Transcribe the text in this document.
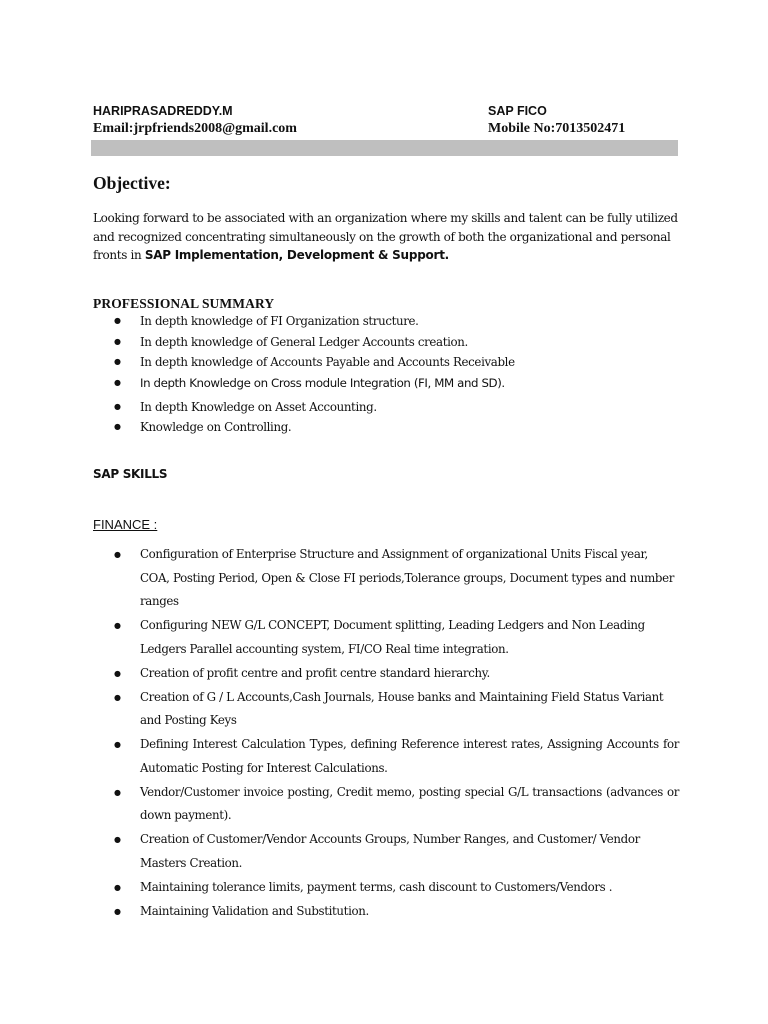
HARIPRASADREDDY.M	SAP FICO
Email:jrpfriends2008@gmail.com	Mobile No:7013502471
Objective:
Looking forward to be associated with an organization where my skills and talent can be fully utilized and recognized concentrating simultaneously on the growth of both the organizational and personal fronts in SAP Implementation, Development & Support.
PROFESSIONAL SUMMARY
● In depth knowledge of FI Organization structure.
● In depth knowledge of General Ledger Accounts creation.
● In depth knowledge of Accounts Payable and Accounts Receivable
● In depth Knowledge on Cross module Integration (FI, MM and SD).
● In depth Knowledge on Asset Accounting.
● Knowledge on Controlling.
SAP SKILLS
FINANCE :
● Configuration of Enterprise Structure and Assignment of organizational Units Fiscal year, COA, Posting Period, Open & Close FI periods,Tolerance groups, Document types and number ranges
● Configuring NEW G/L CONCEPT, Document splitting, Leading Ledgers and Non Leading Ledgers Parallel accounting system, FI/CO Real time integration.
● Creation of profit centre and profit centre standard hierarchy.
● Creation of G / L Accounts,Cash Journals, House banks and Maintaining Field Status Variant and Posting Keys
● Defining Interest Calculation Types, defining Reference interest rates, Assigning Accounts for Automatic Posting for Interest Calculations.
● Vendor/Customer invoice posting, Credit memo, posting special G/L transactions (advances or down payment).
● Creation of Customer/Vendor Accounts Groups, Number Ranges, and Customer/ Vendor Masters Creation.
● Maintaining tolerance limits, payment terms, cash discount to Customers/Vendors .
● Maintaining Validation and Substitution.
